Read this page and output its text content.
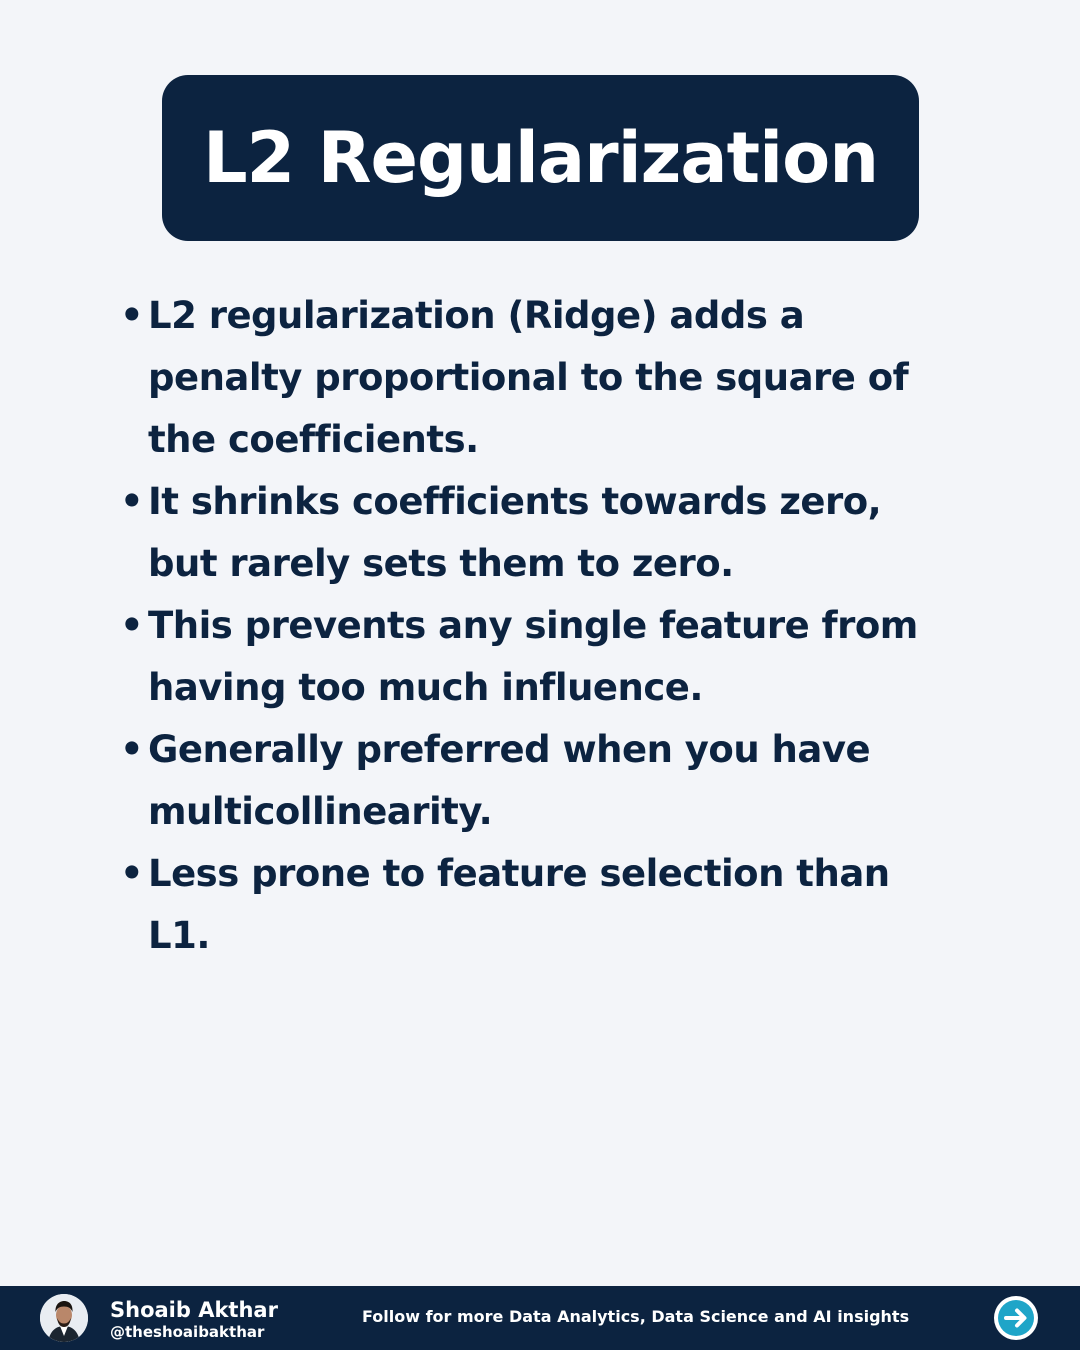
L2 Regularization
• L2 regularization (Ridge) adds a penalty proportional to the square of the coefficients.
• It shrinks coefficients towards zero, but rarely sets them to zero.
• This prevents any single feature from having too much influence.
• Generally preferred when you have multicollinearity.
• Less prone to feature selection than L1.
Shoaib Akthar
@theshoaibakthar
Follow for more Data Analytics, Data Science and AI insights
